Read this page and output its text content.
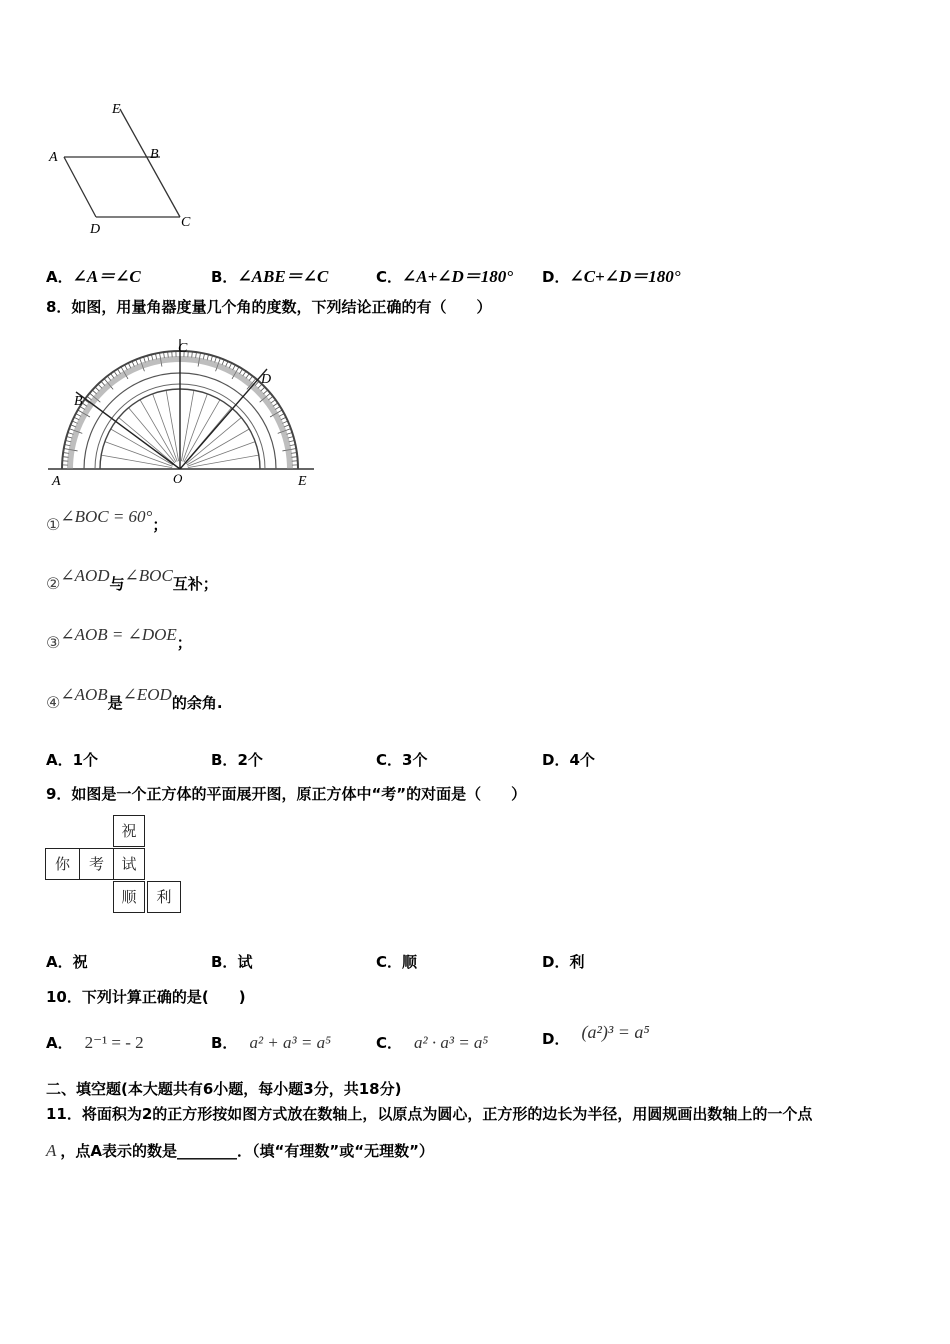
E
A	B
D	C
A．∠A＝∠C	B．∠ABE＝∠C	C．∠A+∠D＝180° D．∠C+∠D＝180°
8．如图，用量角器度量几个角的度数，下列结论正确的有（　　）
A	O	E
B
C
D
①∠BOC = 60°；
②∠AOD与∠BOC互补；
③∠AOB = ∠DOE；
④∠AOB是∠EOD的余角.
A．1个	B．2个	C．3个	D．4个
9．如图是一个正方体的平面展开图，原正方体中“考”的对面是（　　）
祝
你	考	试
顺	利
A．祝	B．试	C．顺	D．利
10．下列计算正确的是(　　)
A． 2⁻¹ = - 2	B． a² + a³ = a⁵	C． a² · a³ = a⁵	D． (a²)³ = a⁵
二、填空题(本大题共有6小题，每小题3分，共18分)
11．将面积为2的正方形按如图方式放在数轴上，以原点为圆心，正方形的边长为半径，用圆规画出数轴上的一个点
A ，点A表示的数是________．（填“有理数”或“无理数”）
